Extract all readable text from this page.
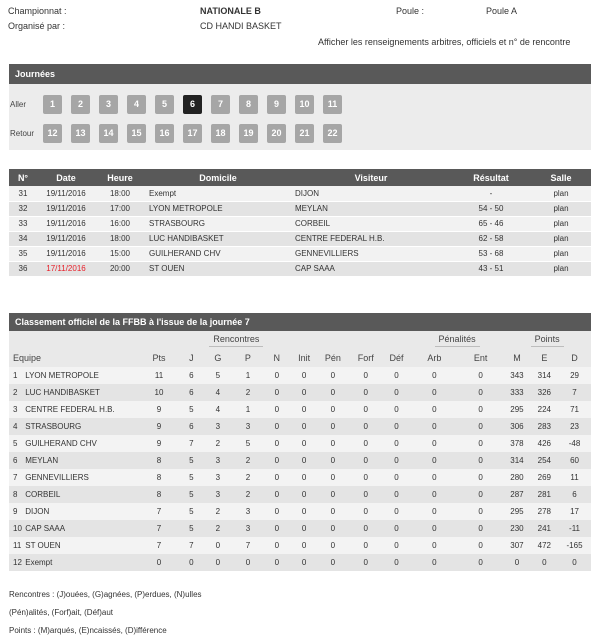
Championnat :	NATIONALE B	Poule :	Poule A
Organisé par :	CD HANDI BASKET
Afficher les renseignements arbitres, officiels et n° de rencontre
Journées
Aller	1	2	3	4	5	6	7	8	9	10	11
Retour	12	13	14	15	16	17	18	19	20	21	22
N°	Date	Heure	Domicile	Visiteur	Résultat	Salle
31	19/11/2016	18:00	Exempt	DIJON	-	plan
32	19/11/2016	17:00	LYON METROPOLE	MEYLAN	54 - 50	plan
33	19/11/2016	16:00	STRASBOURG	CORBEIL	65 - 46	plan
34	19/11/2016	18:00	LUC HANDIBASKET	CENTRE FEDERAL H.B.	62 - 58	plan
35	19/11/2016	15:00	GUILHERAND CHV	GENNEVILLIERS	53 - 68	plan
36	17/11/2016	20:00	ST OUEN	CAP SAAA	43 - 51	plan
Classement officiel de la FFBB à l'issue de la journée 7
		Rencontres								Pénalités		Points		
Equipe	Pts	J	G	P	N	Init	Pén	Forf	Déf	Arb	Ent	M	E	D
1 LYON METROPOLE	11	6	5	1	0	0	0	0	0	0	0	343	314	29
2 LUC HANDIBASKET	10	6	4	2	0	0	0	0	0	0	0	333	326	7
3 CENTRE FEDERAL H.B.	9	5	4	1	0	0	0	0	0	0	0	295	224	71
4 STRASBOURG	9	6	3	3	0	0	0	0	0	0	0	306	283	23
5 GUILHERAND CHV	9	7	2	5	0	0	0	0	0	0	0	378	426	-48
6 MEYLAN	8	5	3	2	0	0	0	0	0	0	0	314	254	60
7 GENNEVILLIERS	8	5	3	2	0	0	0	0	0	0	0	280	269	11
8 CORBEIL	8	5	3	2	0	0	0	0	0	0	0	287	281	6
9 DIJON	7	5	2	3	0	0	0	0	0	0	0	295	278	17
10 CAP SAAA	7	5	2	3	0	0	0	0	0	0	0	230	241	-11
11 ST OUEN	7	7	0	7	0	0	0	0	0	0	0	307	472	-165
12 Exempt	0	0	0	0	0	0	0	0	0	0	0	0	0	0
Rencontres : (J)ouées, (G)agnées, (P)erdues, (N)ulles
(Pén)alités, (Forf)ait, (Déf)aut
Points : (M)arqués, (E)ncaissés, (D)ifférence
